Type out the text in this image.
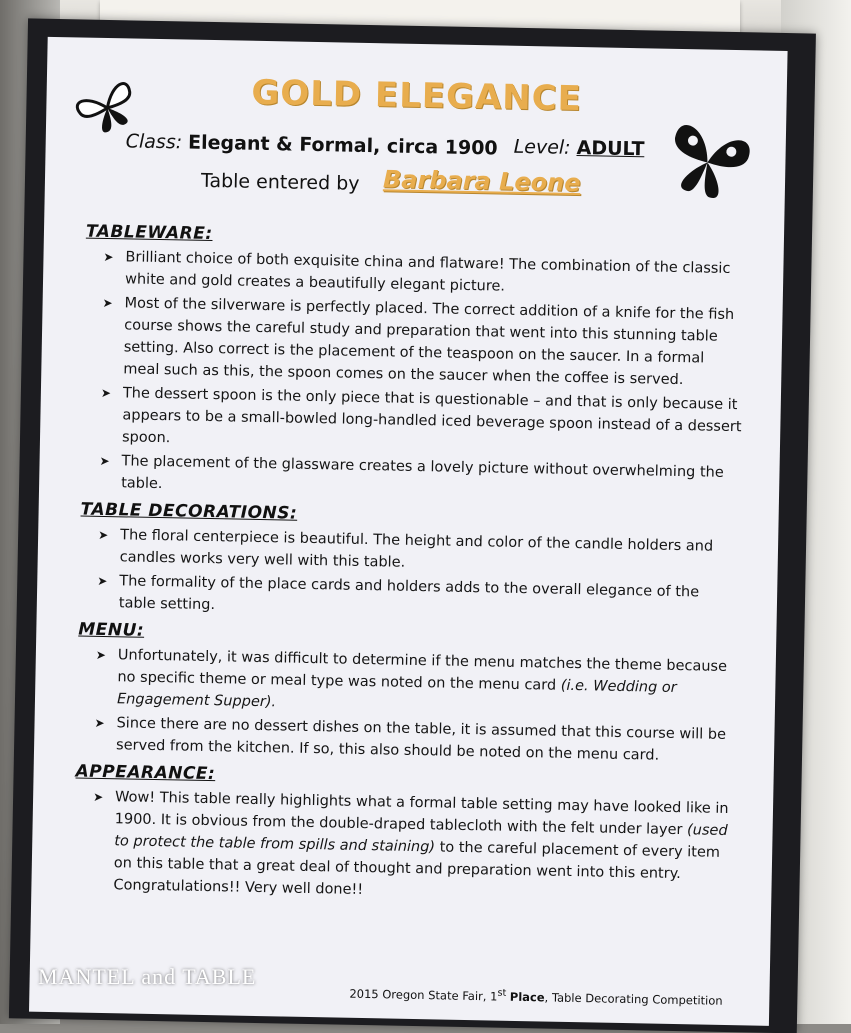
GOLD ELEGANCE
Class: Elegant & Formal, circa 1900 Level: ADULT
Table entered by Barbara Leone
TABLEWARE:
➤ Brilliant choice of both exquisite china and flatware! The combination of the classic white and gold creates a beautifully elegant picture.
➤ Most of the silverware is perfectly placed. The correct addition of a knife for the fish course shows the careful study and preparation that went into this stunning table setting. Also correct is the placement of the teaspoon on the saucer. In a formal meal such as this, the spoon comes on the saucer when the coffee is served.
➤ The dessert spoon is the only piece that is questionable – and that is only because it appears to be a small-bowled long-handled iced beverage spoon instead of a dessert spoon.
➤ The placement of the glassware creates a lovely picture without overwhelming the table.
TABLE DECORATIONS:
➤ The floral centerpiece is beautiful. The height and color of the candle holders and candles works very well with this table.
➤ The formality of the place cards and holders adds to the overall elegance of the table setting.
MENU:
➤ Unfortunately, it was difficult to determine if the menu matches the theme because no specific theme or meal type was noted on the menu card (i.e. Wedding or Engagement Supper).
➤ Since there are no dessert dishes on the table, it is assumed that this course will be served from the kitchen. If so, this also should be noted on the menu card.
APPEARANCE:
➤ Wow! This table really highlights what a formal table setting may have looked like in 1900. It is obvious from the double-draped tablecloth with the felt under layer (used to protect the table from spills and staining) to the careful placement of every item on this table that a great deal of thought and preparation went into this entry. Congratulations!! Very well done!!
2015 Oregon State Fair, 1st Place, Table Decorating Competition
MANTEL and TABLE
